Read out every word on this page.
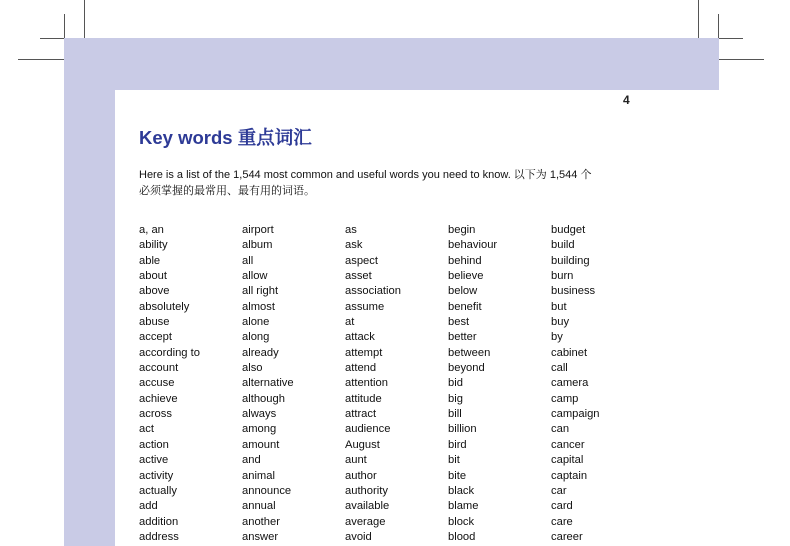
4
Key words 重点词汇

Here is a list of the 1,544 most common and useful words you need to know. 以下为 1,544 个

必须掌握的最常用、最有用的词语。

a, an
ability
able
about
above
absolutely
abuse
accept
according to
account
accuse
achieve
across
act
action
active
activity
actually
add
addition
address
airport
album
all
allow
all right
almost
alone
along
already
also
alternative
although
always
among
amount
and
animal
announce
annual
another
answer
as
ask
aspect
asset
association
assume
at
attack
attempt
attend
attention
attitude
attract
audience
August
aunt
author
authority
available
average
avoid
begin
behaviour
behind
believe
below
benefit
best
better
between
beyond
bid
big
bill
billion
bird
bit
bite
black
blame
block
blood
budget
build
building
burn
business
but
buy
by
cabinet
call
camera
camp
campaign
can
cancer
capital
captain
car
card
care
career
